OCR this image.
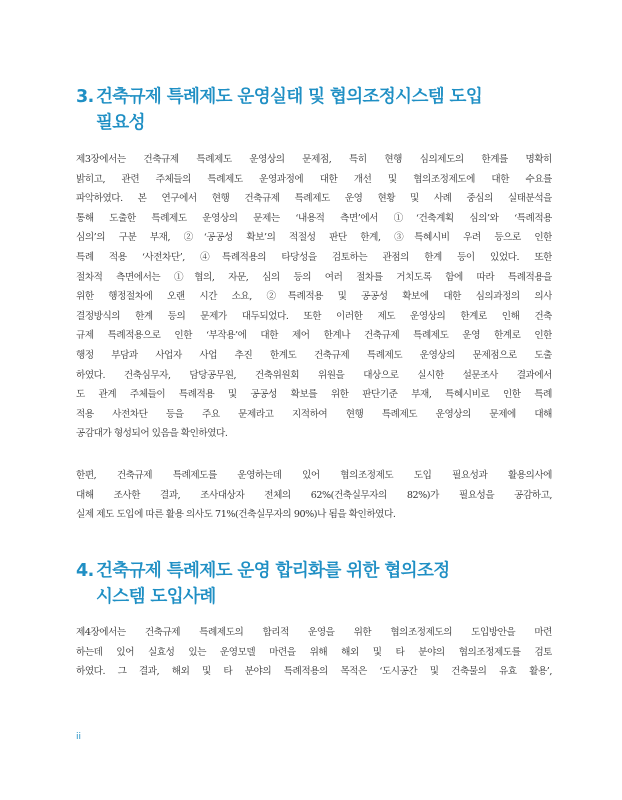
3. 건축규제 특례제도 운영실태 및 협의조정시스템 도입
필요성

제3장에서는 건축규제 특례제도 운영상의 문제점, 특히 현행 심의제도의 한계를 명확히
밝히고, 관련 주체들의 특례제도 운영과정에 대한 개선 및 협의조정제도에 대한 수요를
파악하였다. 본 연구에서 현행 건축규제 특례제도 운영 현황 및 사례 중심의 실태분석을
통해 도출한 특례제도 운영상의 문제는 ‘내용적 측면’에서 ①‘건축계획 심의’와 ‘특례적용
심의’의 구분 부재, ②‘공공성 확보’의 적절성 판단 한계, ③특혜시비 우려 등으로 인한
특례 적용 ‘사전차단’, ④특례적용의 타당성을 검토하는 관점의 한계 등이 있었다. 또한
절차적 측면에서는 ①협의, 자문, 심의 등의 여러 절차를 거치도록 함에 따라 특례적용을
위한 행정절차에 오랜 시간 소요, ②특례적용 및 공공성 확보에 대한 심의과정의 의사
결정방식의 한계 등의 문제가 대두되었다. 또한 이러한 제도 운영상의 한계로 인해 건축
규제 특례적용으로 인한 ‘부작용’에 대한 제어 한계나 건축규제 특례제도 운영 한계로 인한
행정 부담과 사업자 사업 추진 한계도 건축규제 특례제도 운영상의 문제점으로 도출
하였다. 건축심무자, 담당공무원, 건축위원회 위원을 대상으로 실시한 설문조사 결과에서
도 관계 주체들이 특례적용 및 공공성 확보를 위한 판단기준 부재, 특혜시비로 인한 특례
적용 사전차단 등을 주요 문제라고 지적하여 현행 특례제도 운영상의 문제에 대해
공감대가 형성되어 있음을 확인하였다.

한편, 건축규제 특례제도를 운영하는데 있어 협의조정제도 도입 필요성과 활용의사에
대해 조사한 결과, 조사대상자 전체의 62%(건축실무자의 82%)가 필요성을 공감하고,
실제 제도 도입에 따른 활용 의사도 71%(건축실무자의 90%)나 됨을 확인하였다.

4. 건축규제 특례제도 운영 합리화를 위한 협의조정
시스템 도입사례

제4장에서는 건축규제 특례제도의 합리적 운영을 위한 협의조정제도의 도입방안을 마련
하는데 있어 실효성 있는 운영모델 마련을 위해 해외 및 타 분야의 협의조정제도를 검토
하였다. 그 결과, 해외 및 타 분야의 특례적용의 목적은 ‘도시공간 및 건축물의 유효 활용’,

ii
